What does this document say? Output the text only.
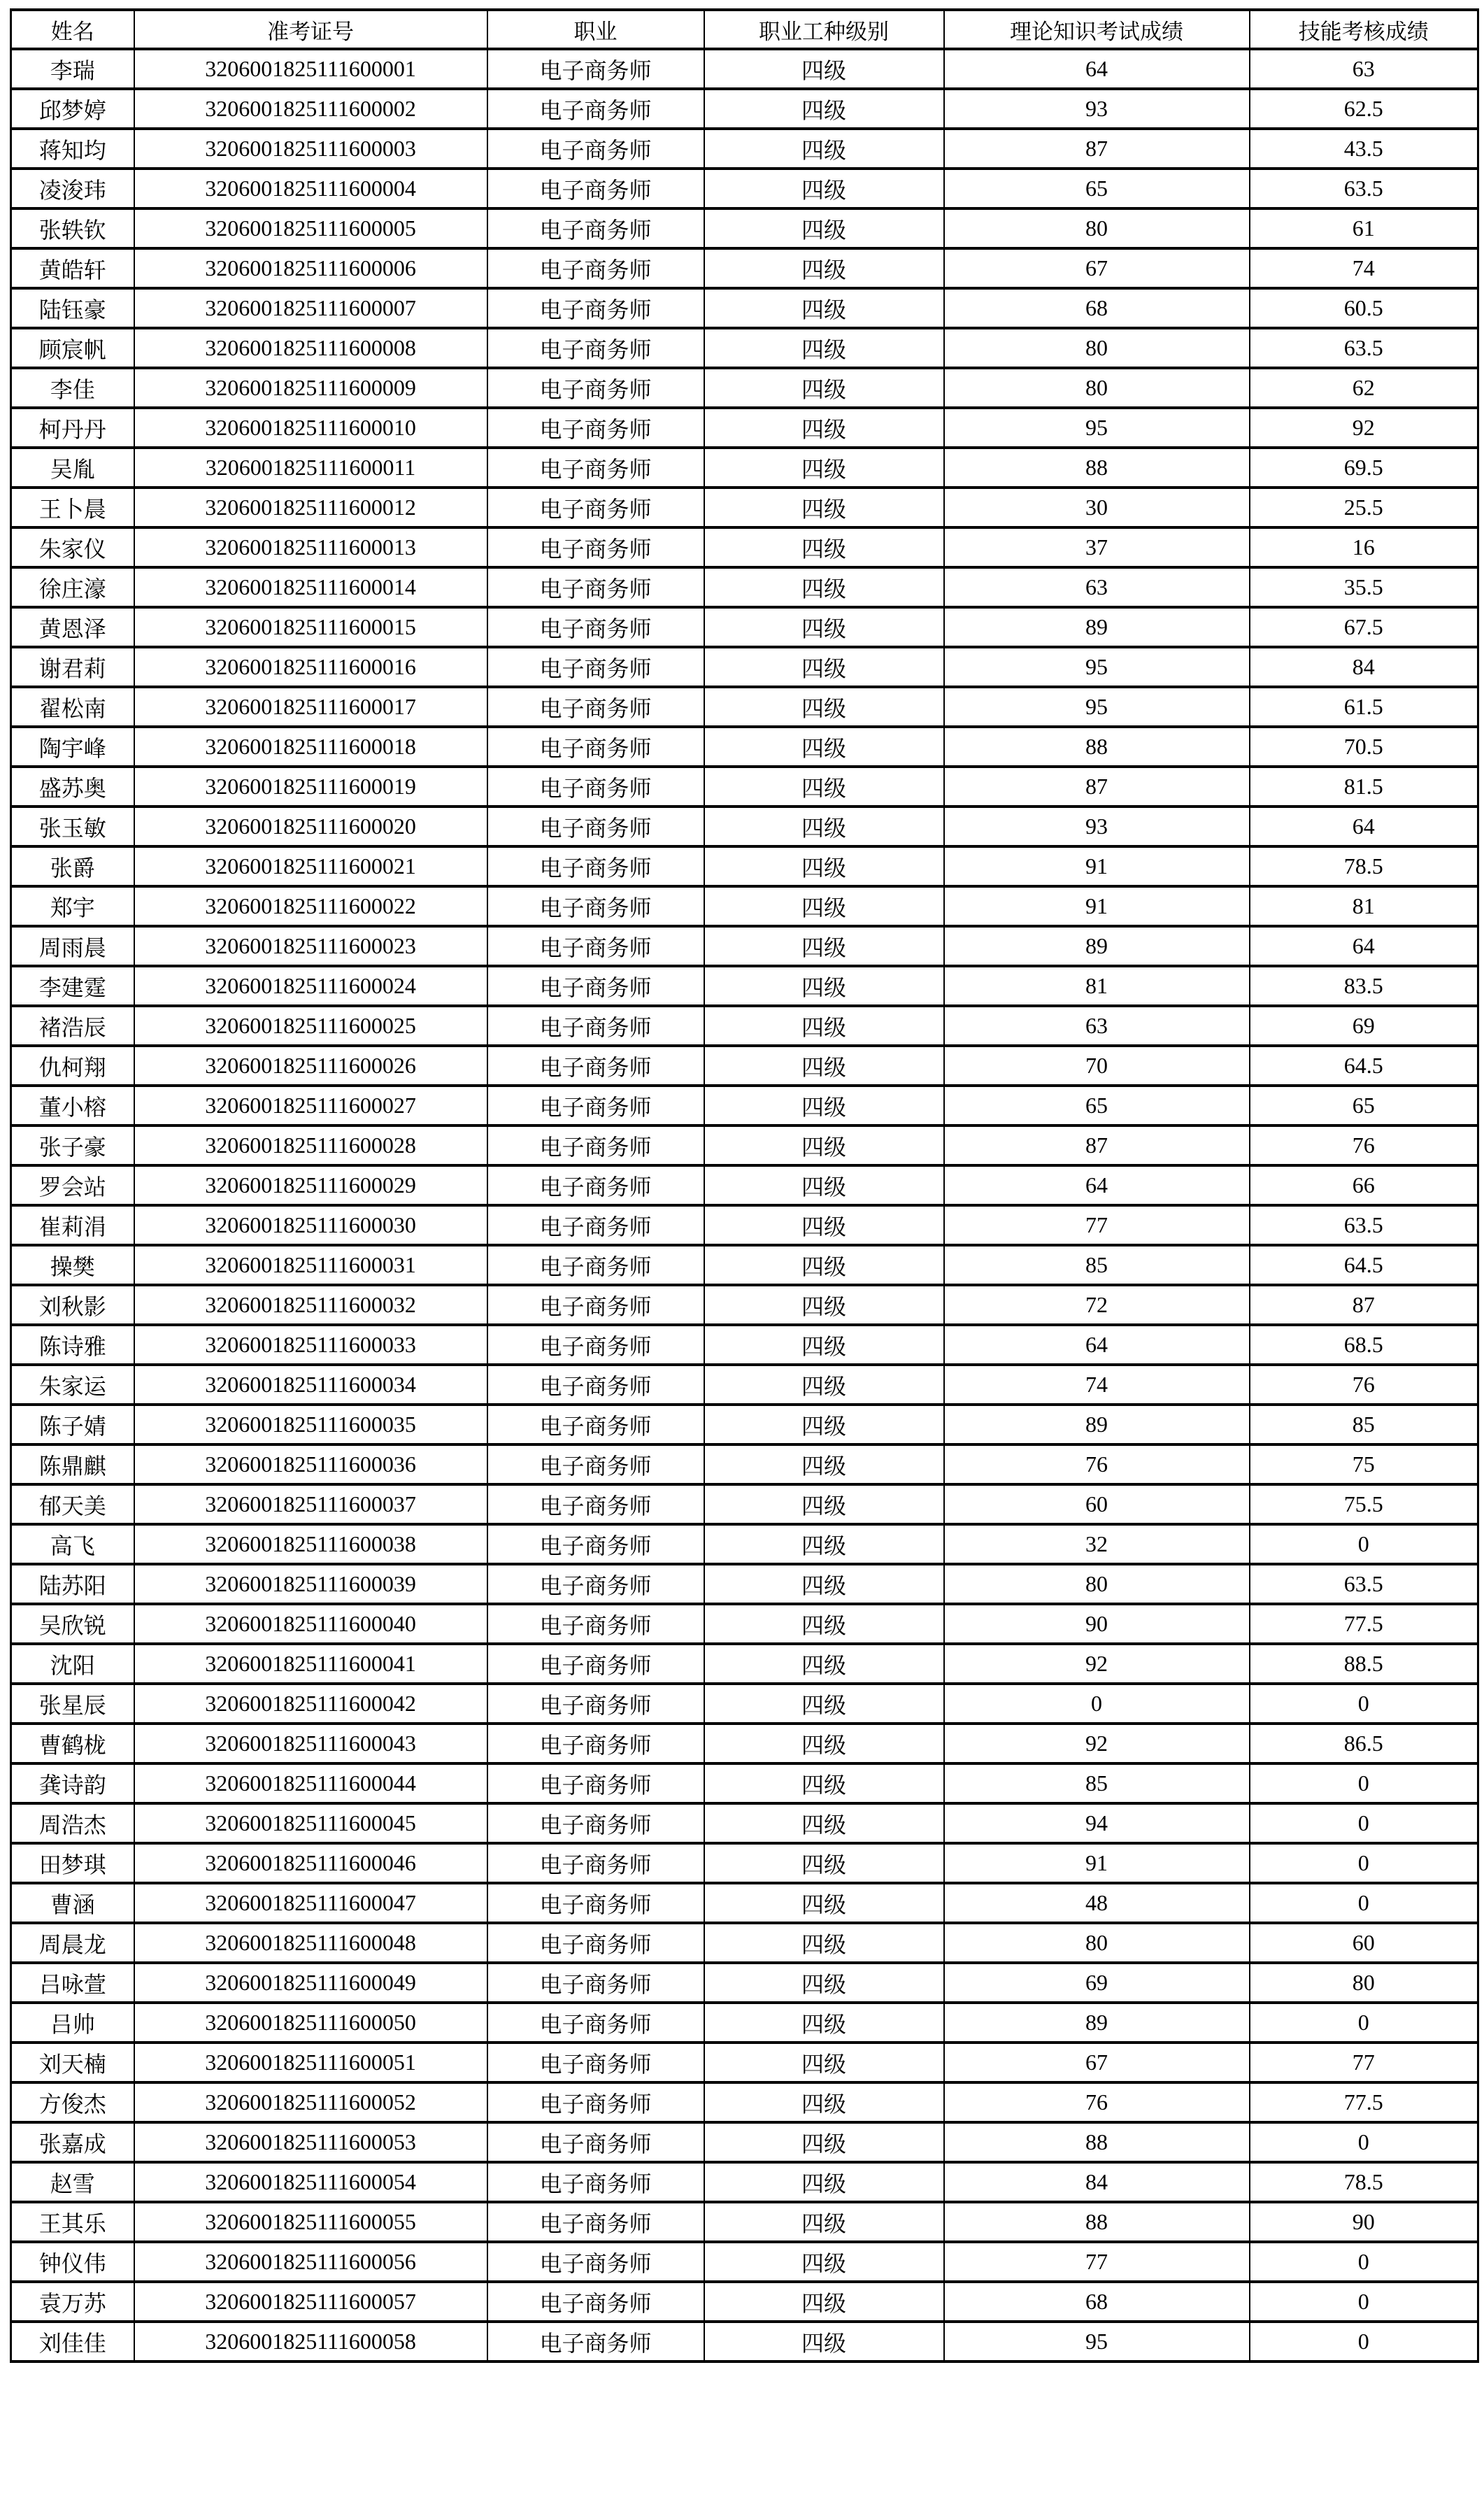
姓名	准考证号	职业	职业工种级别	理论知识考试成绩	技能考核成绩
李瑞	3206001825111600001	电子商务师	四级	64	63
邱梦婷	3206001825111600002	电子商务师	四级	93	62.5
蒋知均	3206001825111600003	电子商务师	四级	87	43.5
凌浚玮	3206001825111600004	电子商务师	四级	65	63.5
张轶钦	3206001825111600005	电子商务师	四级	80	61
黄皓轩	3206001825111600006	电子商务师	四级	67	74
陆钰豪	3206001825111600007	电子商务师	四级	68	60.5
顾宸帆	3206001825111600008	电子商务师	四级	80	63.5
李佳	3206001825111600009	电子商务师	四级	80	62
柯丹丹	3206001825111600010	电子商务师	四级	95	92
吴胤	3206001825111600011	电子商务师	四级	88	69.5
王卜晨	3206001825111600012	电子商务师	四级	30	25.5
朱家仪	3206001825111600013	电子商务师	四级	37	16
徐庄濠	3206001825111600014	电子商务师	四级	63	35.5
黄恩泽	3206001825111600015	电子商务师	四级	89	67.5
谢君莉	3206001825111600016	电子商务师	四级	95	84
翟松南	3206001825111600017	电子商务师	四级	95	61.5
陶宇峰	3206001825111600018	电子商务师	四级	88	70.5
盛苏奥	3206001825111600019	电子商务师	四级	87	81.5
张玉敏	3206001825111600020	电子商务师	四级	93	64
张爵	3206001825111600021	电子商务师	四级	91	78.5
郑宇	3206001825111600022	电子商务师	四级	91	81
周雨晨	3206001825111600023	电子商务师	四级	89	64
李建霆	3206001825111600024	电子商务师	四级	81	83.5
褚浩辰	3206001825111600025	电子商务师	四级	63	69
仇柯翔	3206001825111600026	电子商务师	四级	70	64.5
董小榕	3206001825111600027	电子商务师	四级	65	65
张子豪	3206001825111600028	电子商务师	四级	87	76
罗会站	3206001825111600029	电子商务师	四级	64	66
崔莉涓	3206001825111600030	电子商务师	四级	77	63.5
操樊	3206001825111600031	电子商务师	四级	85	64.5
刘秋影	3206001825111600032	电子商务师	四级	72	87
陈诗雅	3206001825111600033	电子商务师	四级	64	68.5
朱家运	3206001825111600034	电子商务师	四级	74	76
陈子婧	3206001825111600035	电子商务师	四级	89	85
陈鼎麒	3206001825111600036	电子商务师	四级	76	75
郁天美	3206001825111600037	电子商务师	四级	60	75.5
高飞	3206001825111600038	电子商务师	四级	32	0
陆苏阳	3206001825111600039	电子商务师	四级	80	63.5
吴欣锐	3206001825111600040	电子商务师	四级	90	77.5
沈阳	3206001825111600041	电子商务师	四级	92	88.5
张星辰	3206001825111600042	电子商务师	四级	0	0
曹鹤栊	3206001825111600043	电子商务师	四级	92	86.5
龚诗韵	3206001825111600044	电子商务师	四级	85	0
周浩杰	3206001825111600045	电子商务师	四级	94	0
田梦琪	3206001825111600046	电子商务师	四级	91	0
曹涵	3206001825111600047	电子商务师	四级	48	0
周晨龙	3206001825111600048	电子商务师	四级	80	60
吕咏萱	3206001825111600049	电子商务师	四级	69	80
吕帅	3206001825111600050	电子商务师	四级	89	0
刘天楠	3206001825111600051	电子商务师	四级	67	77
方俊杰	3206001825111600052	电子商务师	四级	76	77.5
张嘉成	3206001825111600053	电子商务师	四级	88	0
赵雪	3206001825111600054	电子商务师	四级	84	78.5
王其乐	3206001825111600055	电子商务师	四级	88	90
钟仪伟	3206001825111600056	电子商务师	四级	77	0
袁万苏	3206001825111600057	电子商务师	四级	68	0
刘佳佳	3206001825111600058	电子商务师	四级	95	0
